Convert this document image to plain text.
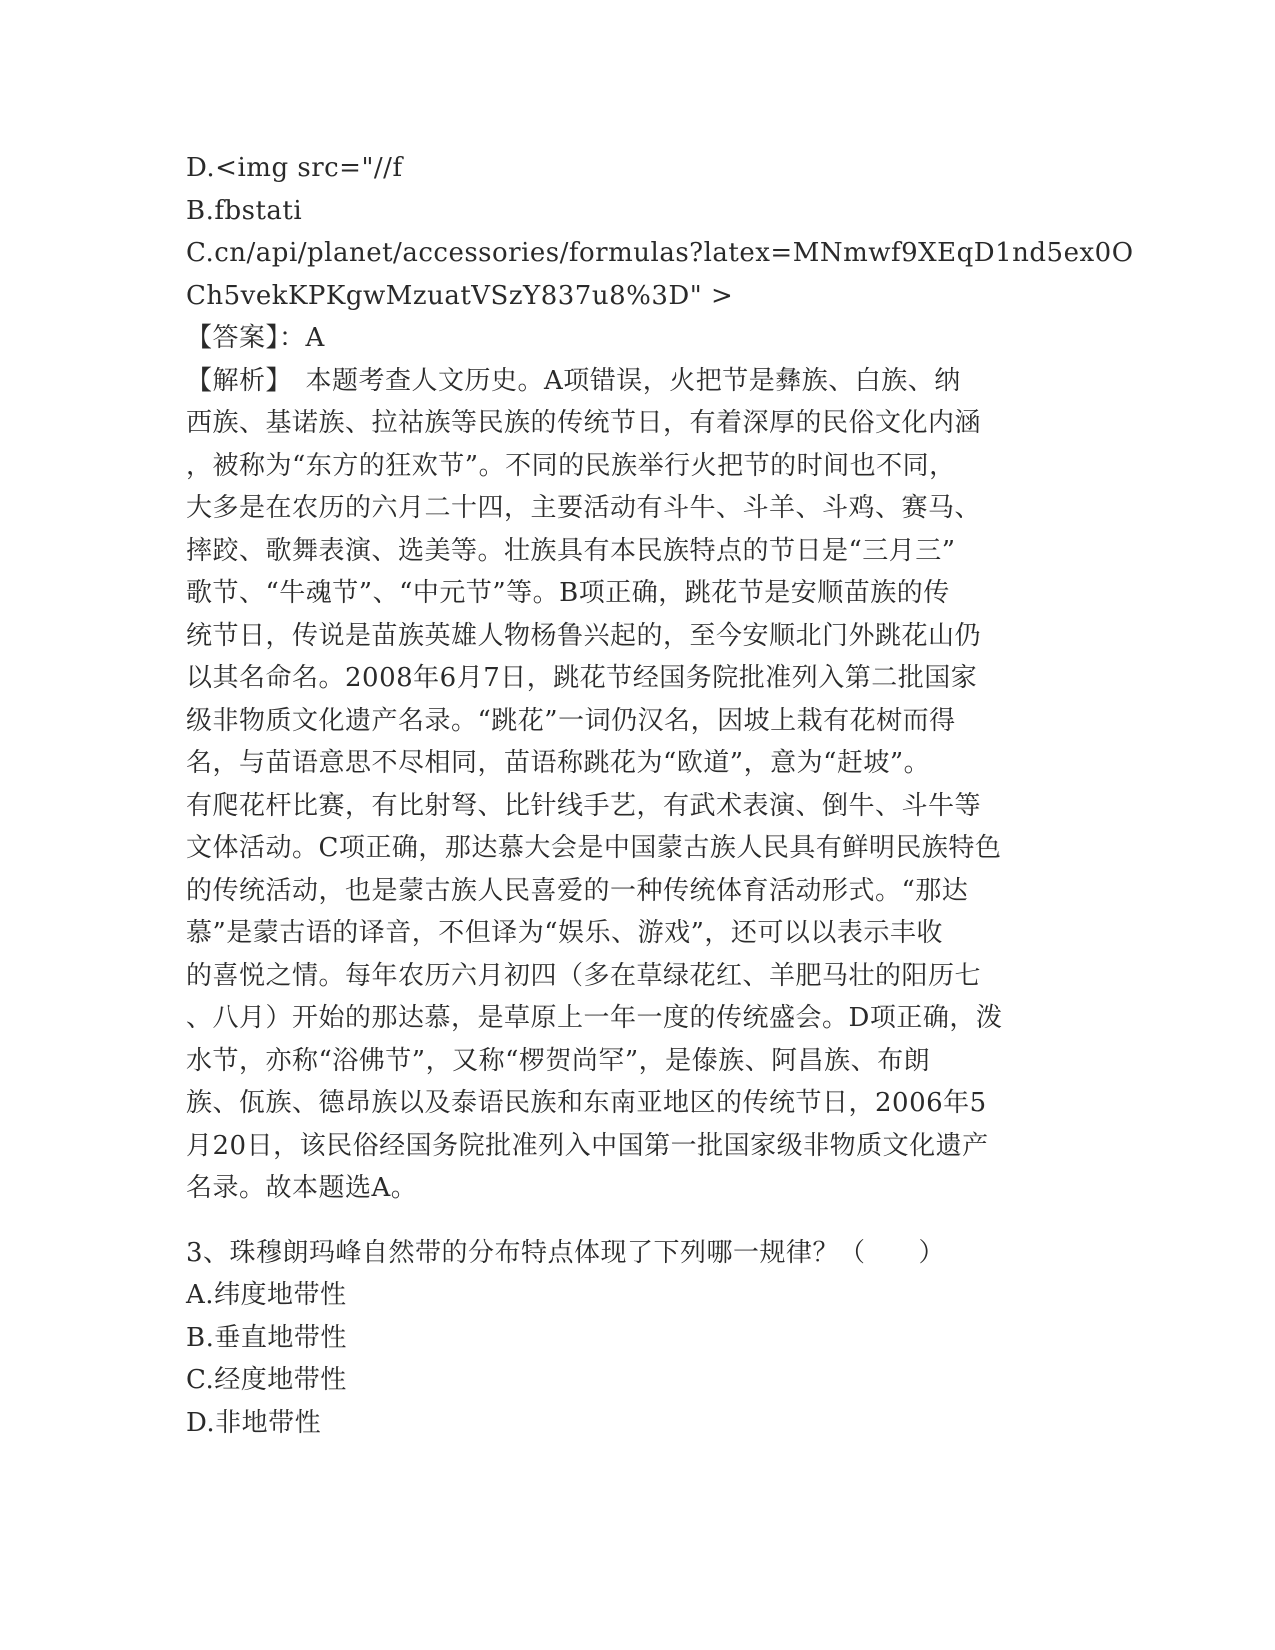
D.<img src="//f
B.fbstati
C.cn/api/planet/accessories/formulas?latex=MNmwf9XEqD1nd5ex0O
Ch5vekKPKgwMzuatVSzY837u8%3D" >
【答案】：A
【解析】　本题考查人文历史。A项错误，火把节是彝族、白族、纳
西族、基诺族、拉祜族等民族的传统节日，有着深厚的民俗文化内涵
，被称为“东方的狂欢节”。不同的民族举行火把节的时间也不同，
大多是在农历的六月二十四，主要活动有斗牛、斗羊、斗鸡、赛马、
摔跤、歌舞表演、选美等。壮族具有本民族特点的节日是“三月三”
歌节、“牛魂节”、“中元节”等。B项正确，跳花节是安顺苗族的传
统节日，传说是苗族英雄人物杨鲁兴起的，至今安顺北门外跳花山仍
以其名命名。2008年6月7日，跳花节经国务院批准列入第二批国家
级非物质文化遗产名录。“跳花”一词仍汉名，因坡上栽有花树而得
名，与苗语意思不尽相同，苗语称跳花为“欧道”，意为“赶坡”。
有爬花杆比赛，有比射弩、比针线手艺，有武术表演、倒牛、斗牛等
文体活动。C项正确，那达慕大会是中国蒙古族人民具有鲜明民族特色
的传统活动，也是蒙古族人民喜爱的一种传统体育活动形式。“那达
慕”是蒙古语的译音，不但译为“娱乐、游戏”，还可以以表示丰收
的喜悦之情。每年农历六月初四（多在草绿花红、羊肥马壮的阳历七
、八月）开始的那达慕，是草原上一年一度的传统盛会。D项正确，泼
水节，亦称“浴佛节”，又称“椤贺尚罕”，是傣族、阿昌族、布朗
族、佤族、德昂族以及泰语民族和东南亚地区的传统节日，2006年5
月20日，该民俗经国务院批准列入中国第一批国家级非物质文化遗产
名录。故本题选A。
3、珠穆朗玛峰自然带的分布特点体现了下列哪一规律？（　　）
A.纬度地带性
B.垂直地带性
C.经度地带性
D.非地带性
